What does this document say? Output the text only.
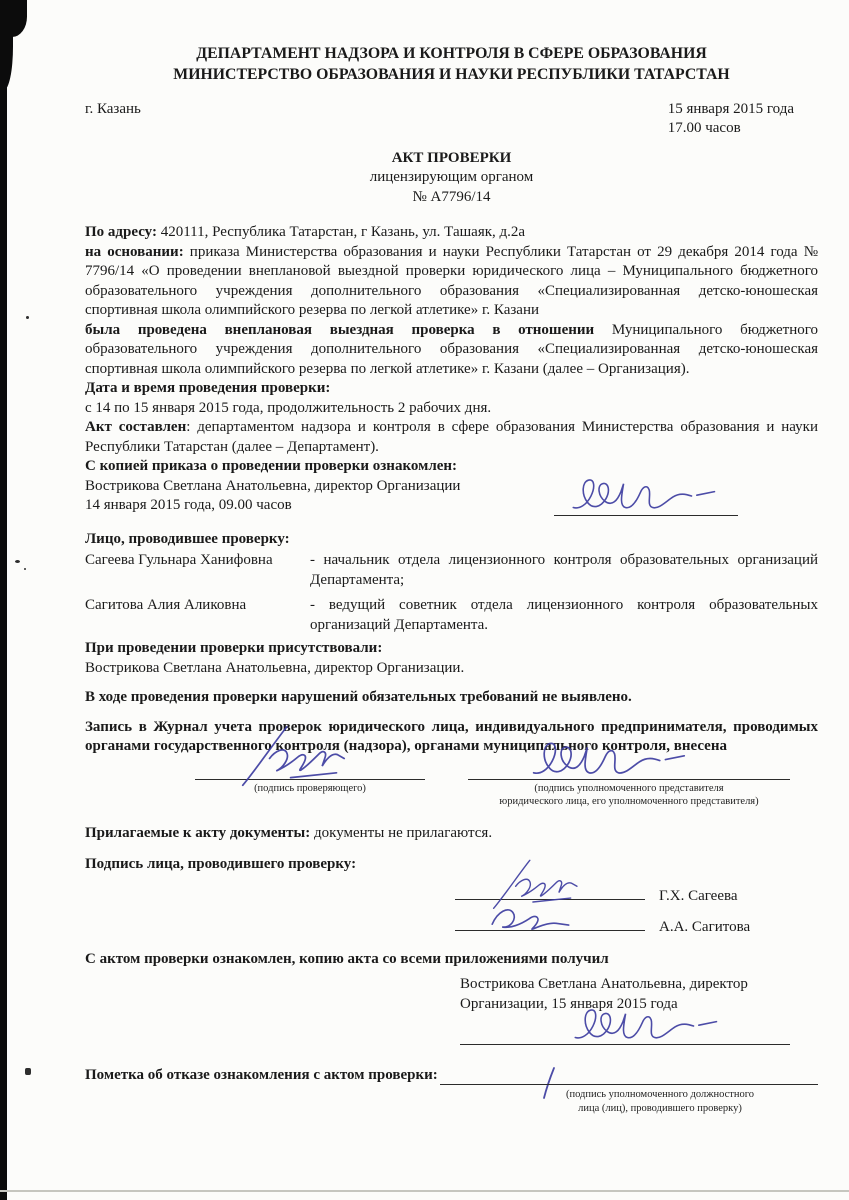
ДЕПАРТАМЕНТ НАДЗОРА И КОНТРОЛЯ В СФЕРЕ ОБРАЗОВАНИЯ
МИНИСТЕРСТВО ОБРАЗОВАНИЯ И НАУКИ РЕСПУБЛИКИ ТАТАРСТАН
г. Казань	15 января 2015 года
17.00 часов
АКТ ПРОВЕРКИ
лицензирующим органом
№ А7796/14

По адресу: 420111, Республика Татарстан, г Казань, ул. Ташаяк, д.2а

на основании: приказа Министерства образования и науки Республики Татарстан от 29 декабря 2014 года № 7796/14 «О проведении внеплановой выездной проверки юридического лица – Муниципального бюджетного образовательного учреждения дополнительного образования «Специализированная детско-юношеская спортивная школа олимпийского резерва по легкой атлетике» г. Казани

была проведена внеплановая выездная проверка в отношении Муниципального бюджетного образовательного учреждения дополнительного образования «Специализированная детско-юношеская спортивная школа олимпийского резерва по легкой атлетике» г. Казани (далее – Организация).

Дата и время проведения проверки:

с 14 по 15 января 2015 года, продолжительность 2 рабочих дня.

Акт составлен: департаментом надзора и контроля в сфере образования Министерства образования и науки Республики Татарстан (далее – Департамент).

С копией приказа о проведении проверки ознакомлен:

Вострикова Светлана Анатольевна, директор Организации

14 января 2015 года, 09.00 часов

Лицо, проводившее проверку:

Сагеева Гульнара Ханифовна	- начальник отдела лицензионного контроля образовательных организаций Департамента;
Сагитова Алия Аликовна	- ведущий советник отдела лицензионного контроля образовательных организаций Департамента.

При проведении проверки присутствовали:

Вострикова Светлана Анатольевна, директор Организации.

В ходе проведения проверки нарушений обязательных требований не выявлено.

Запись в Журнал учета проверок юридического лица, индивидуального предпринимателя, проводимых органами государственного контроля (надзора), органами муниципального контроля, внесена

(подпись проверяющего)	(подпись уполномоченного представителя
юридического лица, его уполномоченного представителя)

Прилагаемые к акту документы: документы не прилагаются.

Подпись лица, проводившего проверку:

Г.Х. Сагеева
А.А. Сагитова

С актом проверки ознакомлен, копию акта со всеми приложениями получил

Вострикова Светлана Анатольевна, директор
Организации, 15 января 2015 года
Пометка об отказе ознакомления с актом проверки:
(подпись уполномоченного должностного
лица (лиц), проводившего проверку)
